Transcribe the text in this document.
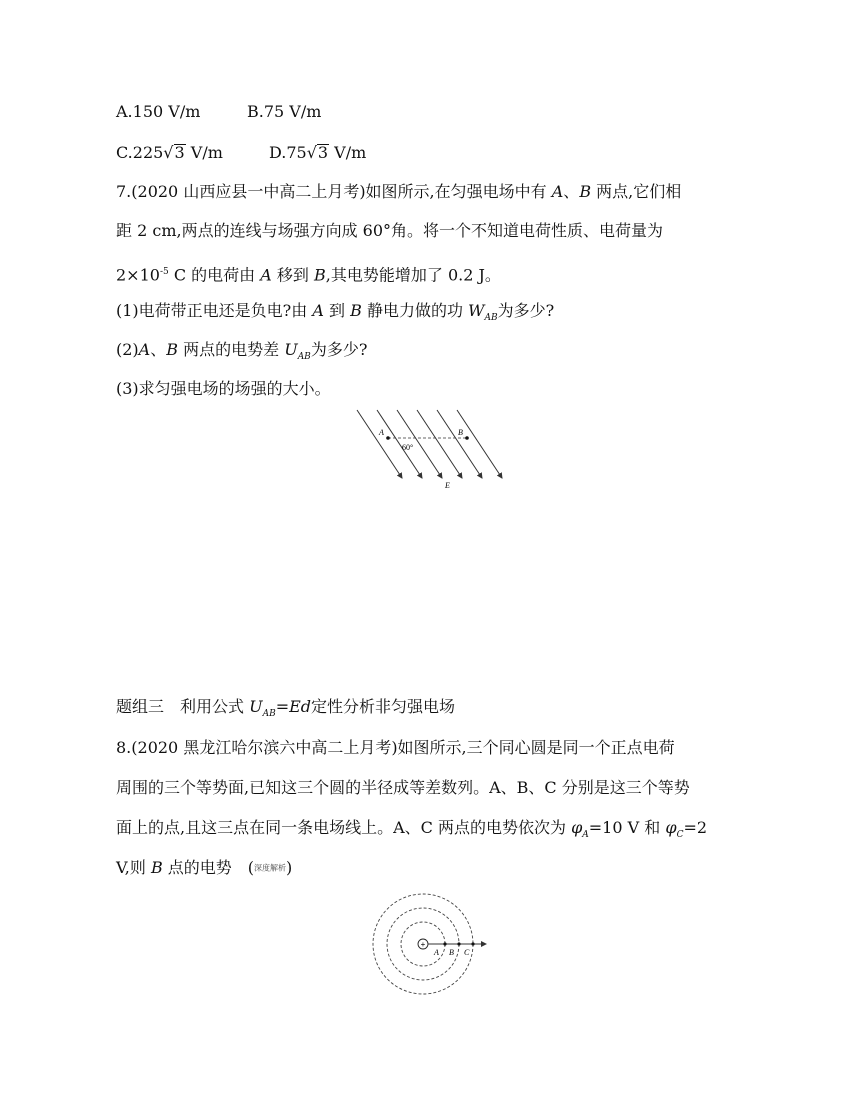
A.150 V/m	B.75 V/m
C.225√3 V/m	D.75√3 V/m
7.(2020 山西应县一中高二上月考)如图所示,在匀强电场中有 A、B 两点,它们相
距 2 cm,两点的连线与场强方向成 60°角。将一个不知道电荷性质、电荷量为
$2\times 10^{-5}$ C 的电荷由 A 移到 B,其电势能增加了 0.2 J。
(1)电荷带正电还是负电?由 A 到 B 静电力做的功 $W_{AB}$为多少?
(2)A、B 两点的电势差 $U_{AB}$为多少?
(3)求匀强电场的场强的大小。
A	B
60°
E
题组三　利用公式 $U_{AB}=Ed$定性分析非匀强电场
8.(2020 黑龙江哈尔滨六中高二上月考)如图所示,三个同心圆是同一个正点电荷
周围的三个等势面,已知这三个圆的半径成等差数列。A、B、C 分别是这三个等势
面上的点,且这三点在同一条电场线上。A、C 两点的电势依次为 $\varphi_A=10$ V 和 $\varphi_C=2$
V,则 B 点的电势　(深度解析)
+
A B C
